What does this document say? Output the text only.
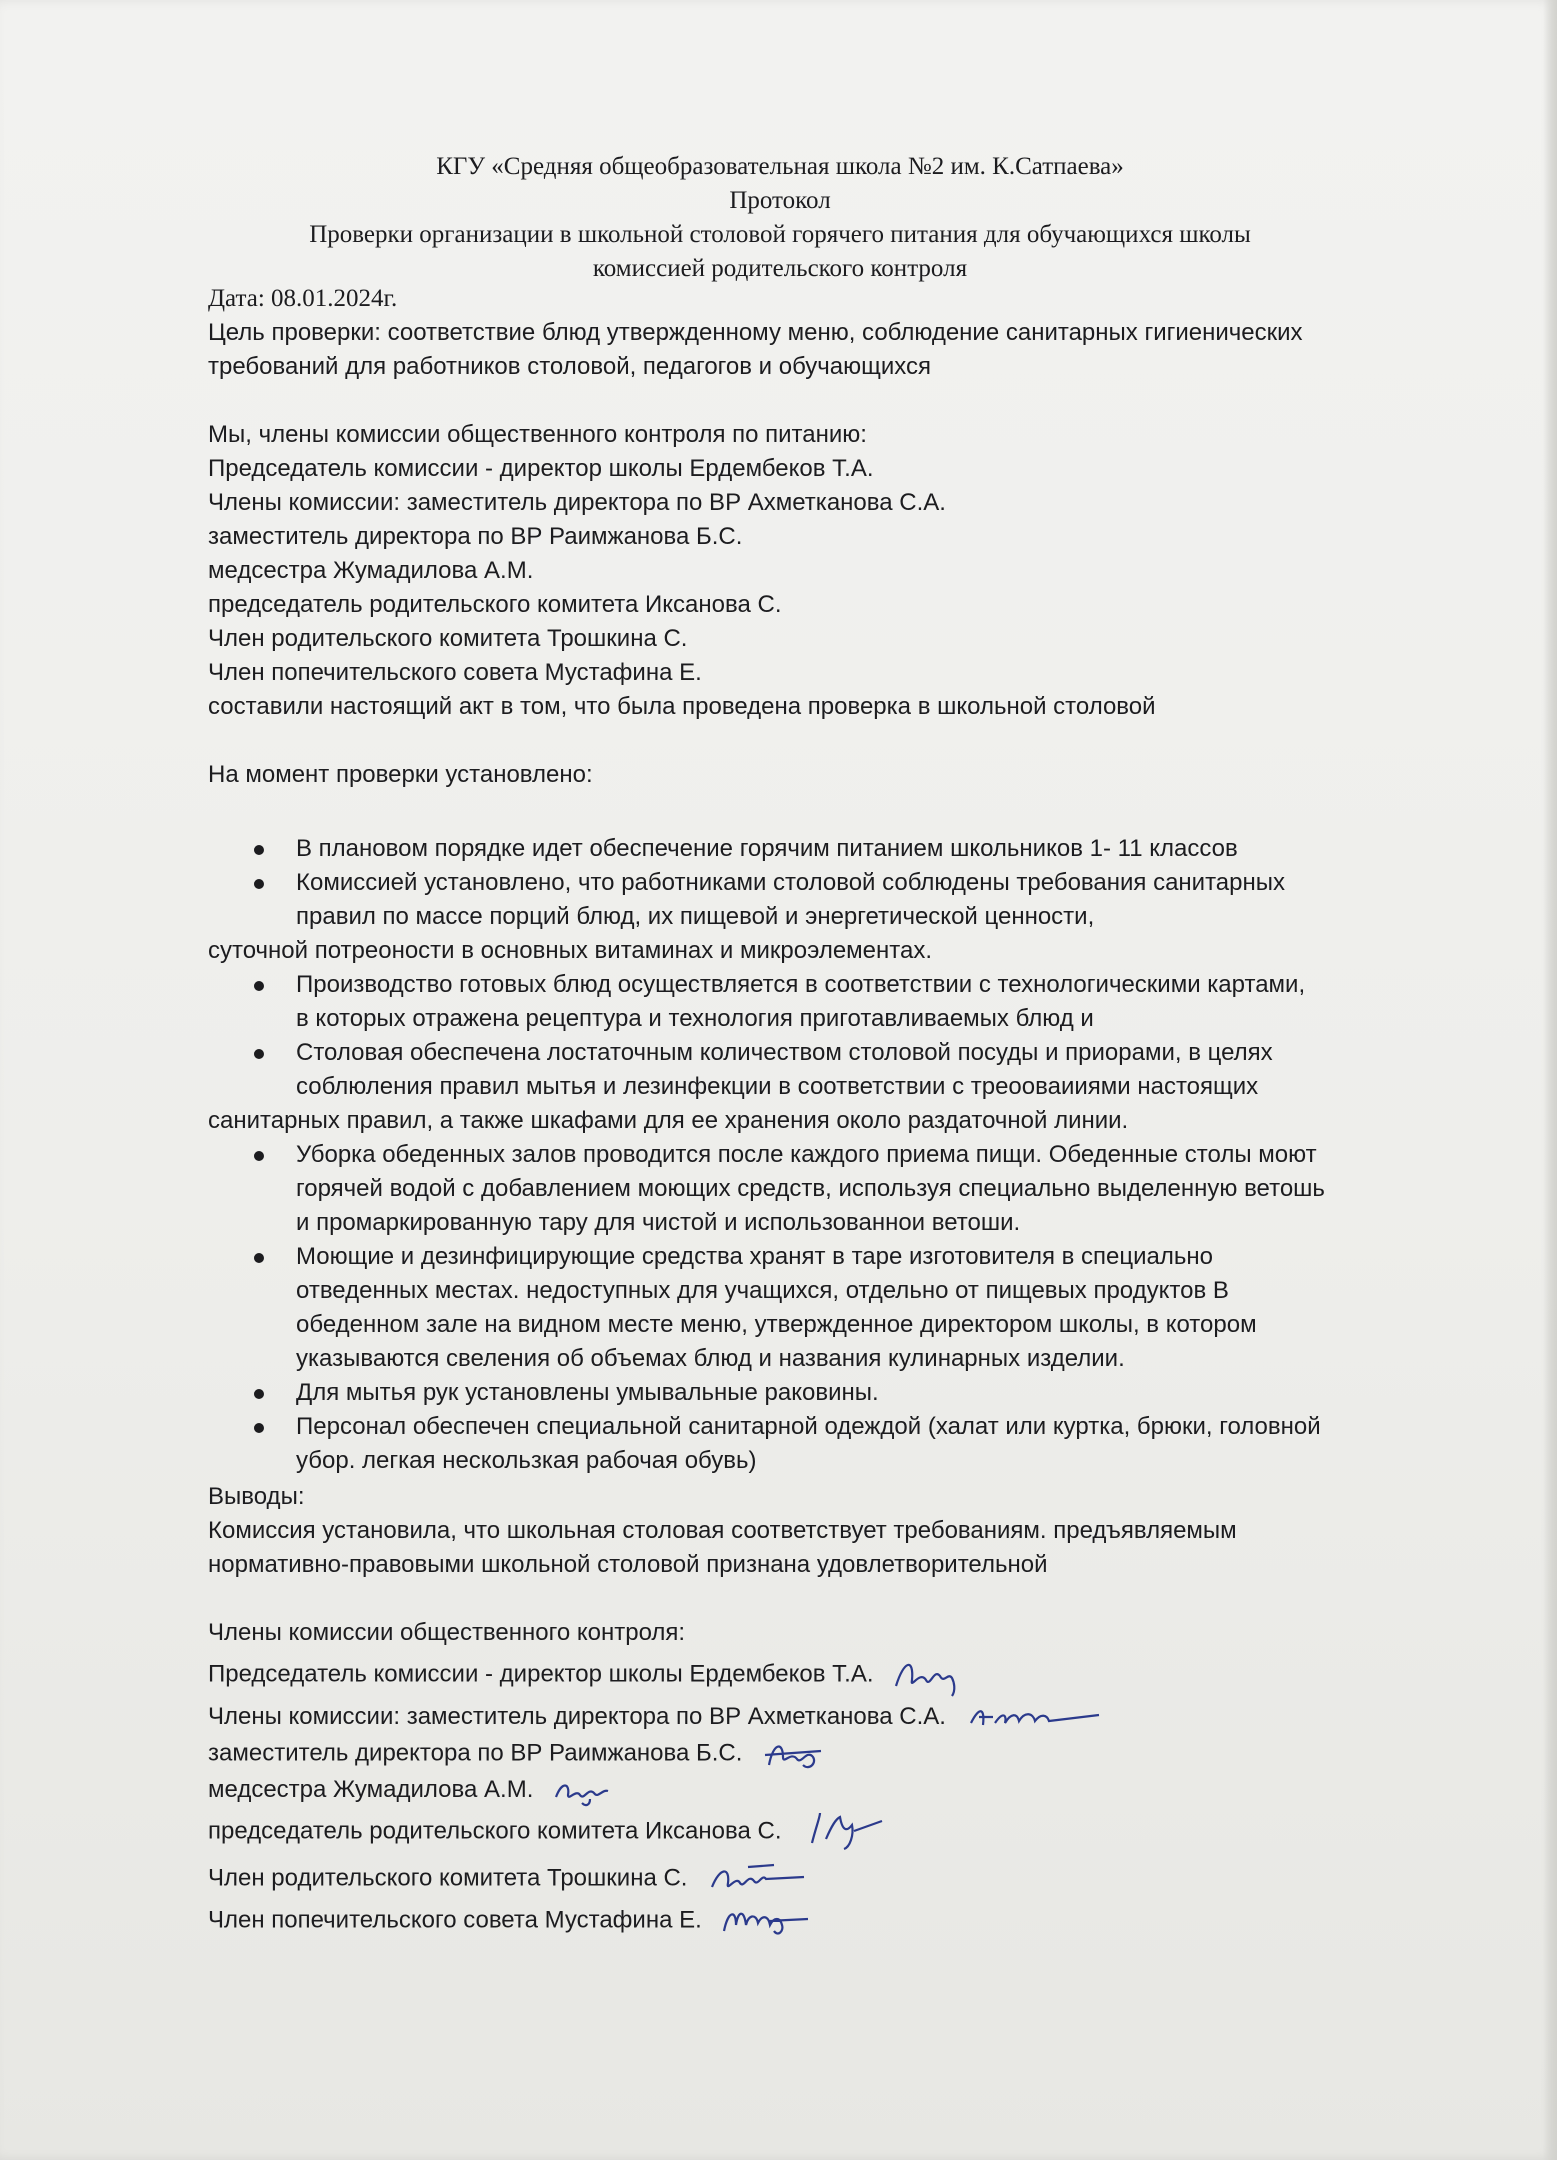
КГУ «Средняя общеобразовательная школа №2 им. К.Сатпаева»
Протокол
Проверки организации в школьной столовой горячего питания для обучающихся школы
комиссией родительского контроля
Дата: 08.01.2024г.
Цель проверки: соответствие блюд утвержденному меню, соблюдение санитарных гигиенических
требований для работников столовой, педагогов и обучающихся
Мы, члены комиссии общественного контроля по питанию:
Председатель комиссии - директор школы Ердембеков Т.А.
Члены комиссии: заместитель директора по ВР Ахметканова С.А.
заместитель директора по ВР Раимжанова Б.С.
медсестра Жумадилова А.М.
председатель родительского комитета Иксанова С.
Член родительского комитета Трошкина С.
Член попечительского совета Мустафина Е.
составили настоящий акт в том, что была проведена проверка в школьной столовой
На момент проверки установлено:
В плановом порядке идет обеспечение горячим питанием школьников 1- 11 классов
Комиссией установлено, что работниками столовой соблюдены требования санитарных
правил по массе порций блюд, их пищевой и энергетической ценности,
суточной потреоности в основных витаминах и микроэлементах.
Производство готовых блюд осуществляется в соответствии с технологическими картами,
в которых отражена рецептура и технология приготавливаемых блюд и
Столовая обеспечена лостаточным количеством столовой посуды и приорами, в целях
соблюления правил мытья и лезинфекции в соответствии с треооваииями настоящих
санитарных правил, а также шкафами для ее хранения около раздаточной линии.
Уборка обеденных залов проводится после каждого приема пищи. Обеденные столы моют
горячей водой с добавлением моющих средств, используя специально выделенную ветошь
и промаркированную тару для чистой и использованнои ветоши.
Моющие и дезинфицирующие средства хранят в таре изготовителя в специально
отведенных местах. недоступных для учащихся, отдельно от пищевых продуктов В
обеденном зале на видном месте меню, утвержденное директором школы, в котором
указываются свеления об объемах блюд и названия кулинарных изделии.
Для мытья рук установлены умывальные раковины.
Персонал обеспечен специальной санитарной одеждой (халат или куртка, брюки, головной
убор. легкая нескользкая рабочая обувь)
Выводы:
Комиссия установила, что школьная столовая соответствует требованиям. предъявляемым
нормативно-правовыми школьной столовой признана удовлетворительной
Члены комиссии общественного контроля:
Председатель комиссии - директор школы Ердембеков Т.А.
Члены комиссии: заместитель директора по ВР Ахметканова С.А.
заместитель директора по ВР Раимжанова Б.С.
медсестра Жумадилова А.М.
председатель родительского комитета Иксанова С.
Член родительского комитета Трошкина С.
Член попечительского совета Мустафина Е.
